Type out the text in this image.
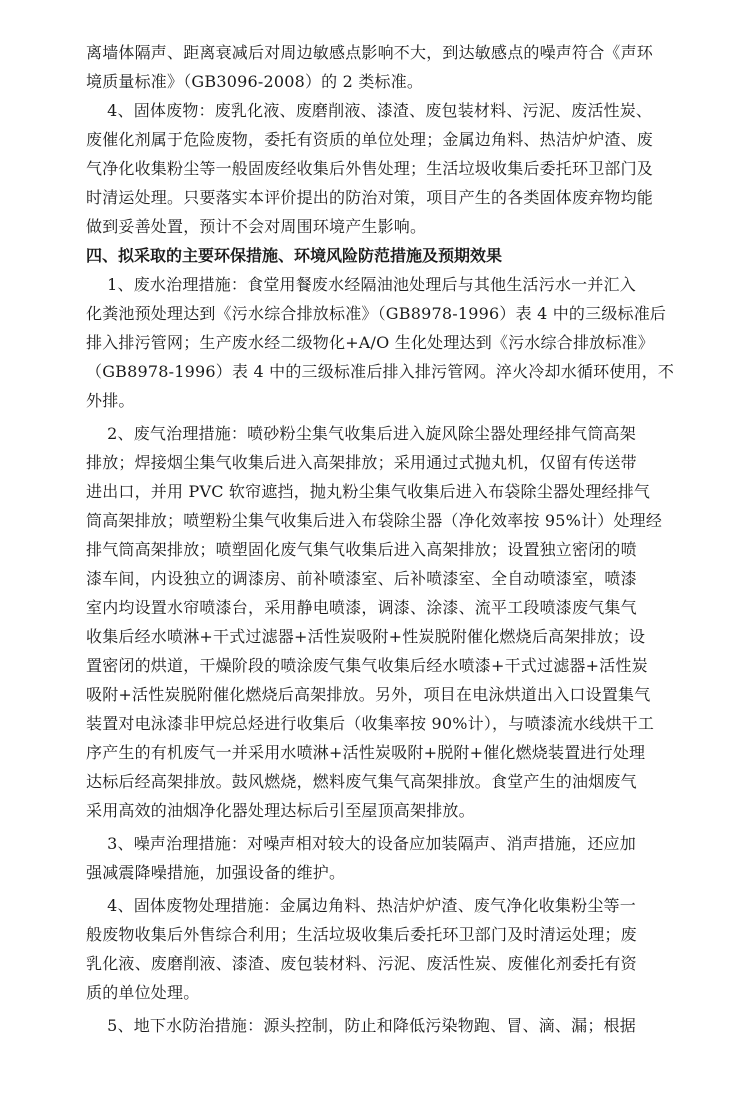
离墙体隔声、距离衰减后对周边敏感点影响不大，到达敏感点的噪声符合《声环
境质量标准》（GB3096-2008）的 2 类标准。

4、固体废物：废乳化液、废磨削液、漆渣、废包装材料、污泥、废活性炭、
废催化剂属于危险废物，委托有资质的单位处理；金属边角料、热洁炉炉渣、废
气净化收集粉尘等一般固废经收集后外售处理；生活垃圾收集后委托环卫部门及
时清运处理。只要落实本评价提出的防治对策，项目产生的各类固体废弃物均能
做到妥善处置，预计不会对周围环境产生影响。

四、拟采取的主要环保措施、环境风险防范措施及预期效果

1、废水治理措施：食堂用餐废水经隔油池处理后与其他生活污水一并汇入
化粪池预处理达到《污水综合排放标准》（GB8978-1996）表 4 中的三级标准后
排入排污管网；生产废水经二级物化+A/O 生化处理达到《污水综合排放标准》
（GB8978-1996）表 4 中的三级标准后排入排污管网。淬火冷却水循环使用，不
外排。

2、废气治理措施：喷砂粉尘集气收集后进入旋风除尘器处理经排气筒高架
排放；焊接烟尘集气收集后进入高架排放；采用通过式抛丸机，仅留有传送带
进出口，并用 PVC 软帘遮挡，抛丸粉尘集气收集后进入布袋除尘器处理经排气
筒高架排放；喷塑粉尘集气收集后进入布袋除尘器（净化效率按 95%计）处理经
排气筒高架排放；喷塑固化废气集气收集后进入高架排放；设置独立密闭的喷
漆车间，内设独立的调漆房、前补喷漆室、后补喷漆室、全自动喷漆室，喷漆
室内均设置水帘喷漆台，采用静电喷漆，调漆、涂漆、流平工段喷漆废气集气
收集后经水喷淋+干式过滤器+活性炭吸附+性炭脱附催化燃烧后高架排放；设
置密闭的烘道，干燥阶段的喷涂废气集气收集后经水喷漆+干式过滤器+活性炭
吸附+活性炭脱附催化燃烧后高架排放。另外，项目在电泳烘道出入口设置集气
装置对电泳漆非甲烷总烃进行收集后（收集率按 90%计），与喷漆流水线烘干工
序产生的有机废气一并采用水喷淋+活性炭吸附+脱附+催化燃烧装置进行处理
达标后经高架排放。鼓风燃烧，燃料废气集气高架排放。食堂产生的油烟废气
采用高效的油烟净化器处理达标后引至屋顶高架排放。

3、噪声治理措施：对噪声相对较大的设备应加装隔声、消声措施，还应加
强减震降噪措施，加强设备的维护。

4、固体废物处理措施：金属边角料、热洁炉炉渣、废气净化收集粉尘等一
般废物收集后外售综合利用；生活垃圾收集后委托环卫部门及时清运处理；废
乳化液、废磨削液、漆渣、废包装材料、污泥、废活性炭、废催化剂委托有资
质的单位处理。

5、地下水防治措施：源头控制，防止和降低污染物跑、冒、滴、漏；根据
